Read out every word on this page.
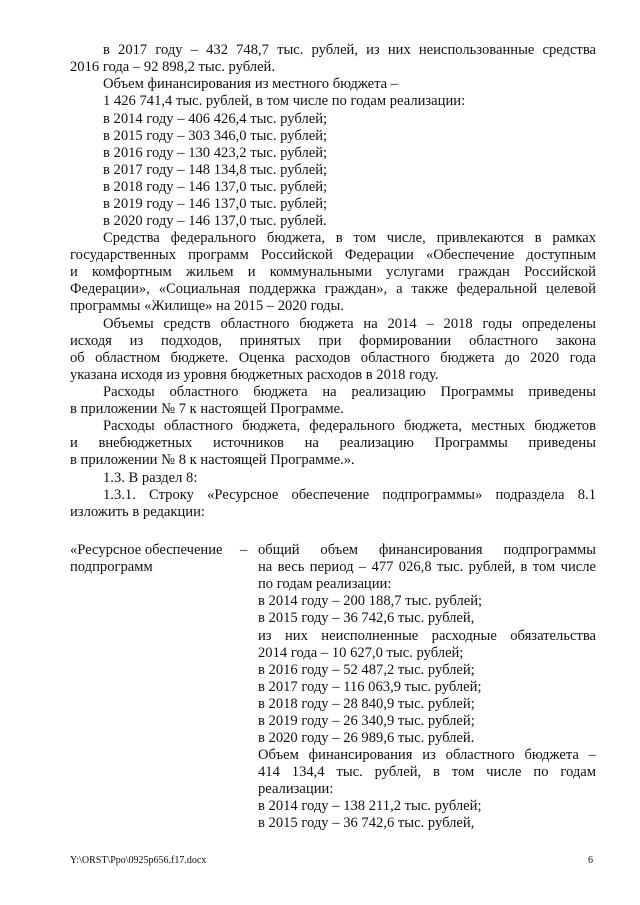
в 2017 году – 432 748,7 тыс. рублей, из них неиспользованные средства
2016 года – 92 898,2 тыс. рублей.
Объем финансирования из местного бюджета –
1 426 741,4 тыс. рублей, в том числе по годам реализации:
в 2014 году – 406 426,4 тыс. рублей;
в 2015 году – 303 346,0 тыс. рублей;
в 2016 году – 130 423,2 тыс. рублей;
в 2017 году – 148 134,8 тыс. рублей;
в 2018 году – 146 137,0 тыс. рублей;
в 2019 году – 146 137,0 тыс. рублей;
в 2020 году – 146 137,0 тыс. рублей.
Средства федерального бюджета, в том числе, привлекаются в рамках
государственных программ Российской Федерации «Обеспечение доступным
и комфортным жильем и коммунальными услугами граждан Российской
Федерации», «Социальная поддержка граждан», а также федеральной целевой
программы «Жилище» на 2015 – 2020 годы.
Объемы средств областного бюджета на 2014 – 2018 годы определены
исходя из подходов, принятых при формировании областного закона
об областном бюджете. Оценка расходов областного бюджета до 2020 года
указана исходя из уровня бюджетных расходов в 2018 году.
Расходы областного бюджета на реализацию Программы приведены
в приложении № 7 к настоящей Программе.
Расходы областного бюджета, федерального бюджета, местных бюджетов
и внебюджетных источников на реализацию Программы приведены
в приложении № 8 к настоящей Программе.».
1.3. В раздел 8:
1.3.1. Строку «Ресурсное обеспечение подпрограммы» подраздела 8.1
изложить в редакции:
«Ресурсное обеспечение
подпрограмм
– общий объем финансирования подпрограммы
на весь период – 477 026,8 тыс. рублей, в том числе
по годам реализации:
в 2014 году – 200 188,7 тыс. рублей;
в 2015 году – 36 742,6 тыс. рублей,
из них неисполненные расходные обязательства
2014 года – 10 627,0 тыс. рублей;
в 2016 году – 52 487,2 тыс. рублей;
в 2017 году – 116 063,9 тыс. рублей;
в 2018 году – 28 840,9 тыс. рублей;
в 2019 году – 26 340,9 тыс. рублей;
в 2020 году – 26 989,6 тыс. рублей.
Объем финансирования из областного бюджета –
414 134,4 тыс. рублей, в том числе по годам
реализации:
в 2014 году – 138 211,2 тыс. рублей;
в 2015 году – 36 742,6 тыс. рублей,
Y:\ORST\Ppo\0925p656.f17.docx	6
